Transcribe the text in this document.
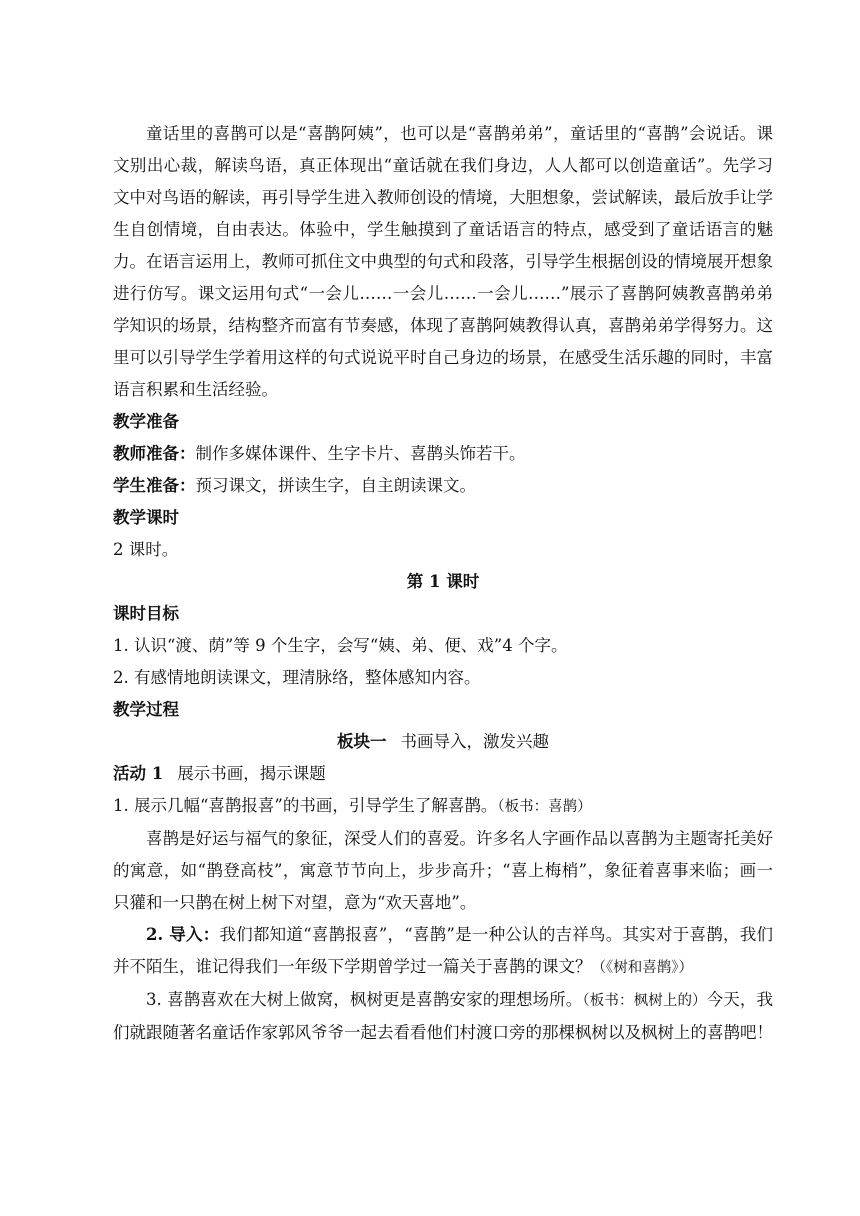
童话里的喜鹊可以是“喜鹊阿姨”，也可以是“喜鹊弟弟”，童话里的“喜鹊”会说话。课文别出心裁，解读鸟语，真正体现出“童话就在我们身边，人人都可以创造童话”。先学习文中对鸟语的解读，再引导学生进入教师创设的情境，大胆想象，尝试解读，最后放手让学生自创情境，自由表达。体验中，学生触摸到了童话语言的特点，感受到了童话语言的魅力。在语言运用上，教师可抓住文中典型的句式和段落，引导学生根据创设的情境展开想象进行仿写。课文运用句式“一会儿……一会儿……一会儿……”展示了喜鹊阿姨教喜鹊弟弟学知识的场景，结构整齐而富有节奏感，体现了喜鹊阿姨教得认真，喜鹊弟弟学得努力。这里可以引导学生学着用这样的句式说说平时自己身边的场景，在感受生活乐趣的同时，丰富语言积累和生活经验。

教学准备

教师准备：制作多媒体课件、生字卡片、喜鹊头饰若干。

学生准备：预习课文，拼读生字，自主朗读课文。

教学课时

2 课时。

第 1 课时

课时目标

1. 认识“渡、荫”等 9 个生字，会写“姨、弟、便、戏”4 个字。

2. 有感情地朗读课文，理清脉络，整体感知内容。

教学过程

板块一 书画导入，激发兴趣

活动 1 展示书画，揭示课题

1. 展示几幅“喜鹊报喜”的书画，引导学生了解喜鹊。（板书：喜鹊）

喜鹊是好运与福气的象征，深受人们的喜爱。许多名人字画作品以喜鹊为主题寄托美好的寓意，如“鹊登高枝”，寓意节节向上，步步高升；“喜上梅梢”，象征着喜事来临；画一只獾和一只鹊在树上树下对望，意为“欢天喜地”。

2. 导入：我们都知道“喜鹊报喜”，“喜鹊”是一种公认的吉祥鸟。其实对于喜鹊，我们并不陌生，谁记得我们一年级下学期曾学过一篇关于喜鹊的课文？（《树和喜鹊》）

3. 喜鹊喜欢在大树上做窝，枫树更是喜鹊安家的理想场所。（板书：枫树上的）今天，我们就跟随著名童话作家郭风爷爷一起去看看他们村渡口旁的那棵枫树以及枫树上的喜鹊吧！
